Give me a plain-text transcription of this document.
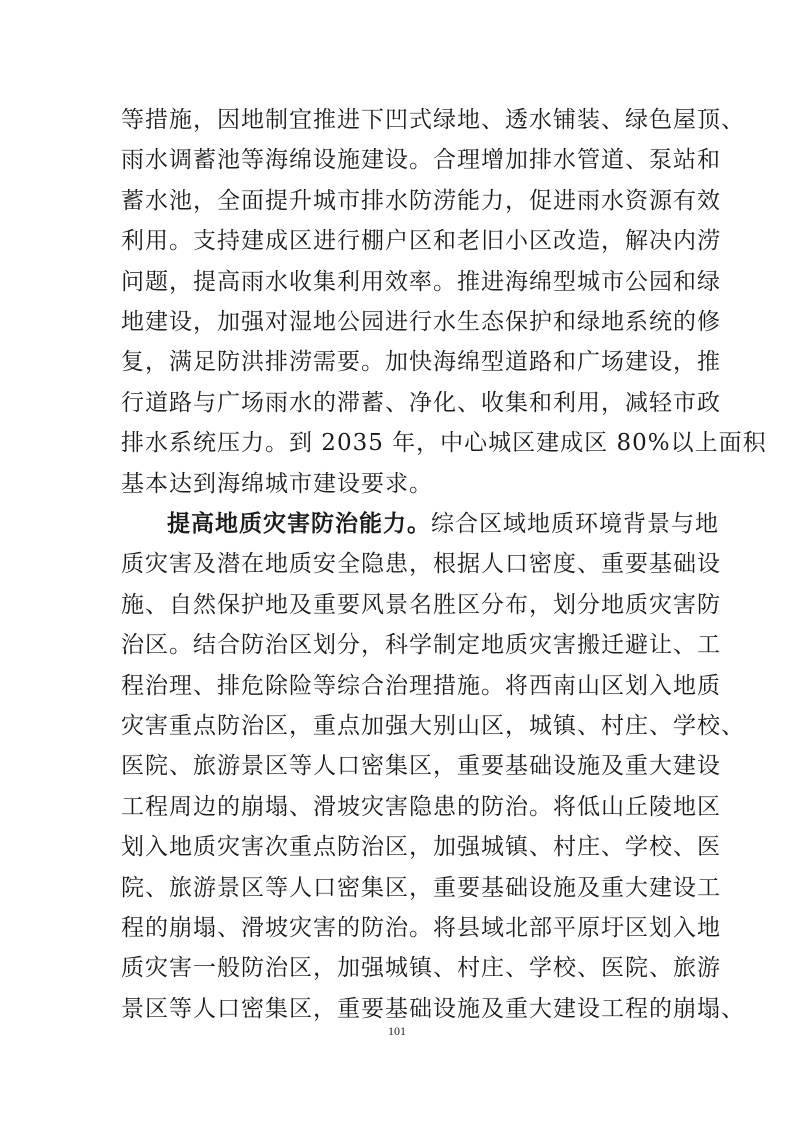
等措施，因地制宜推进下凹式绿地、透水铺装、绿色屋顶、
雨水调蓄池等海绵设施建设。合理增加排水管道、泵站和
蓄水池，全面提升城市排水防涝能力，促进雨水资源有效
利用。支持建成区进行棚户区和老旧小区改造，解决内涝
问题，提高雨水收集利用效率。推进海绵型城市公园和绿
地建设，加强对湿地公园进行水生态保护和绿地系统的修
复，满足防洪排涝需要。加快海绵型道路和广场建设，推
行道路与广场雨水的滞蓄、净化、收集和利用，减轻市政
排水系统压力。到 2035 年，中心城区建成区 80%以上面积
基本达到海绵城市建设要求。
提高地质灾害防治能力。综合区域地质环境背景与地
质灾害及潜在地质安全隐患，根据人口密度、重要基础设
施、自然保护地及重要风景名胜区分布，划分地质灾害防
治区。结合防治区划分，科学制定地质灾害搬迁避让、工
程治理、排危除险等综合治理措施。将西南山区划入地质
灾害重点防治区，重点加强大别山区，城镇、村庄、学校、
医院、旅游景区等人口密集区，重要基础设施及重大建设
工程周边的崩塌、滑坡灾害隐患的防治。将低山丘陵地区
划入地质灾害次重点防治区，加强城镇、村庄、学校、医
院、旅游景区等人口密集区，重要基础设施及重大建设工
程的崩塌、滑坡灾害的防治。将县域北部平原圩区划入地
质灾害一般防治区，加强城镇、村庄、学校、医院、旅游
景区等人口密集区，重要基础设施及重大建设工程的崩塌、
101
